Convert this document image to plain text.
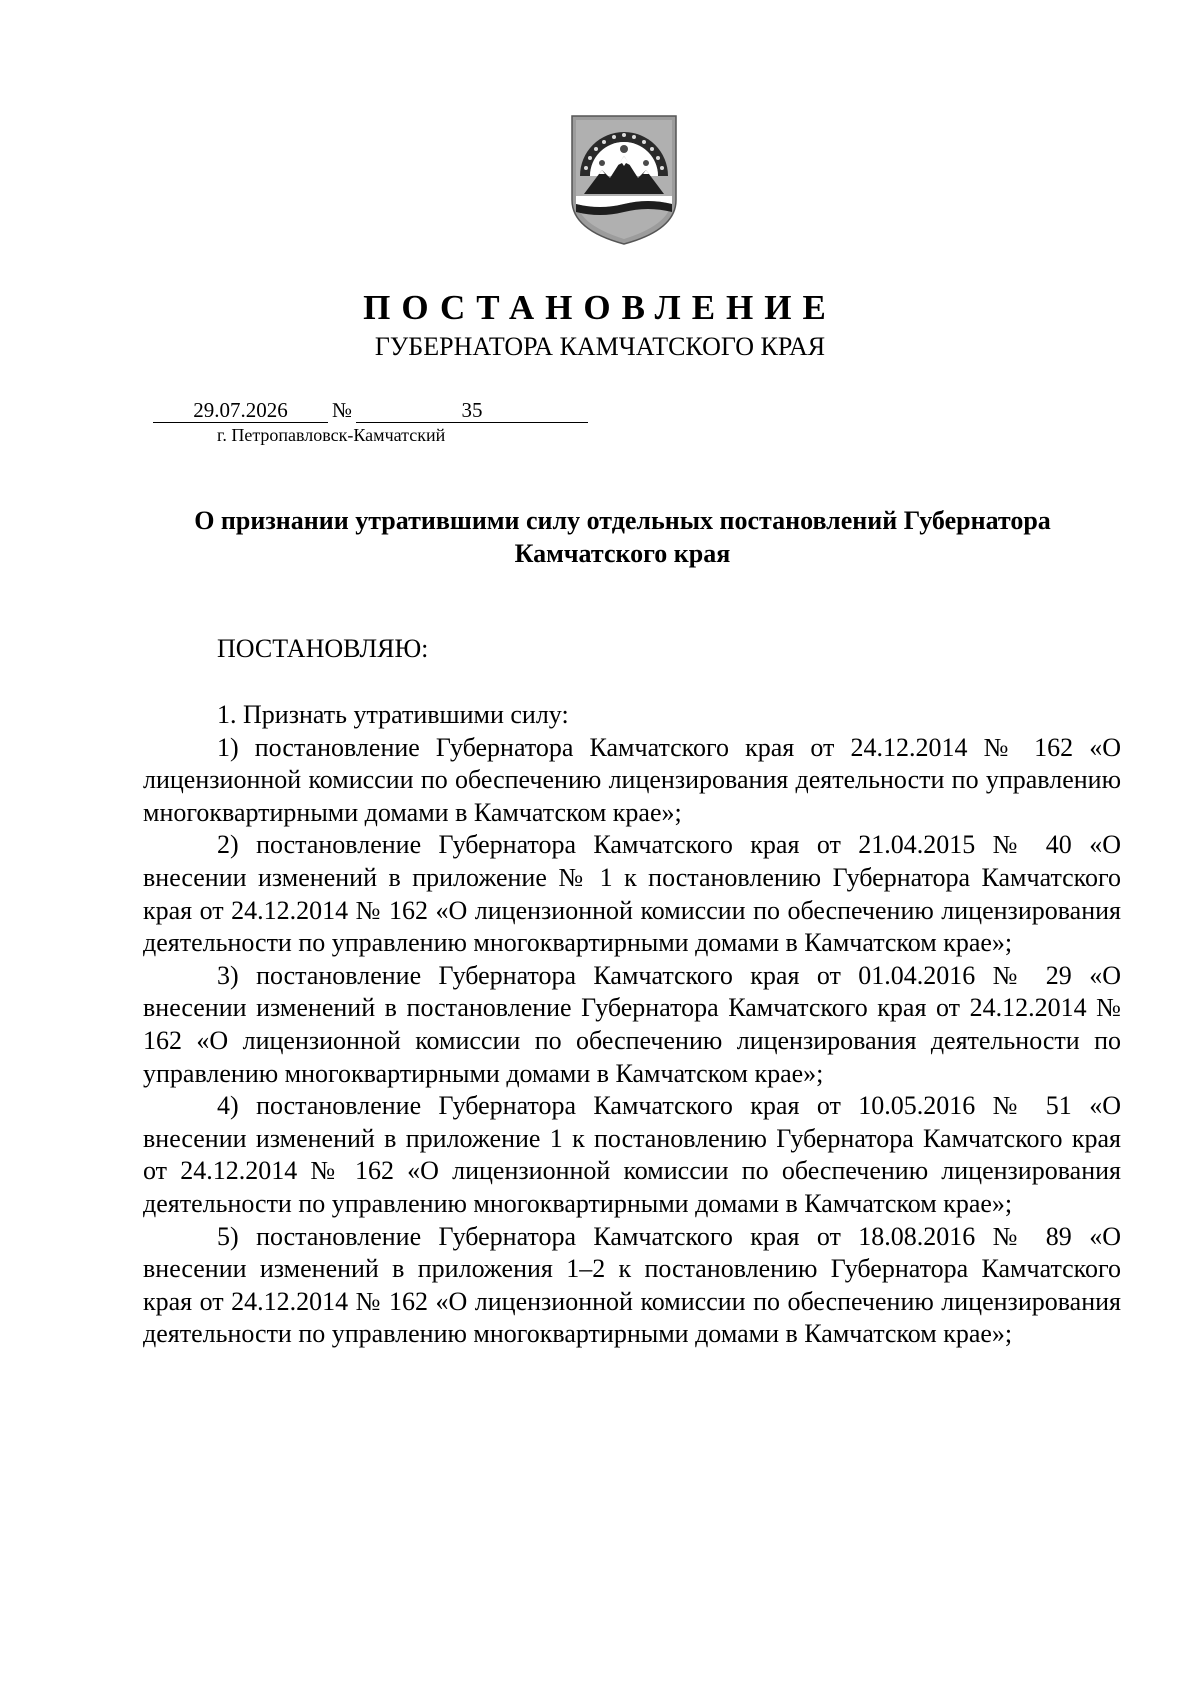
ПОСТАНОВЛЕНИЕ
ГУБЕРНАТОРА КАМЧАТСКОГО КРАЯ
29.07.2026 №	35
г. Петропавловск-Камчатский
О признании утратившими силу отдельных постановлений Губернатора Камчатского края
ПОСТАНОВЛЯЮ:

1. Признать утратившими силу:

1) постановление Губернатора Камчатского края от 24.12.2014 № 162 «О лицензионной комиссии по обеспечению лицензирования деятельности по управлению многоквартирными домами в Камчатском крае»;

2) постановление Губернатора Камчатского края от 21.04.2015 № 40 «О внесении изменений в приложение № 1 к постановлению Губернатора Камчатского края от 24.12.2014 № 162 «О лицензионной комиссии по обеспечению лицензирования деятельности по управлению многоквартирными домами в Камчатском крае»;

3) постановление Губернатора Камчатского края от 01.04.2016 № 29 «О внесении изменений в постановление Губернатора Камчатского края от 24.12.2014 № 162 «О лицензионной комиссии по обеспечению лицензирования деятельности по управлению многоквартирными домами в Камчатском крае»;

4) постановление Губернатора Камчатского края от 10.05.2016 № 51 «О внесении изменений в приложение 1 к постановлению Губернатора Камчатского края от 24.12.2014 № 162 «О лицензионной комиссии по обеспечению лицензирования деятельности по управлению многоквартирными домами в Камчатском крае»;

5) постановление Губернатора Камчатского края от 18.08.2016 № 89 «О внесении изменений в приложения 1–2 к постановлению Губернатора Камчатского края от 24.12.2014 № 162 «О лицензионной комиссии по обеспечению лицензирования деятельности по управлению многоквартирными домами в Камчатском крае»;
